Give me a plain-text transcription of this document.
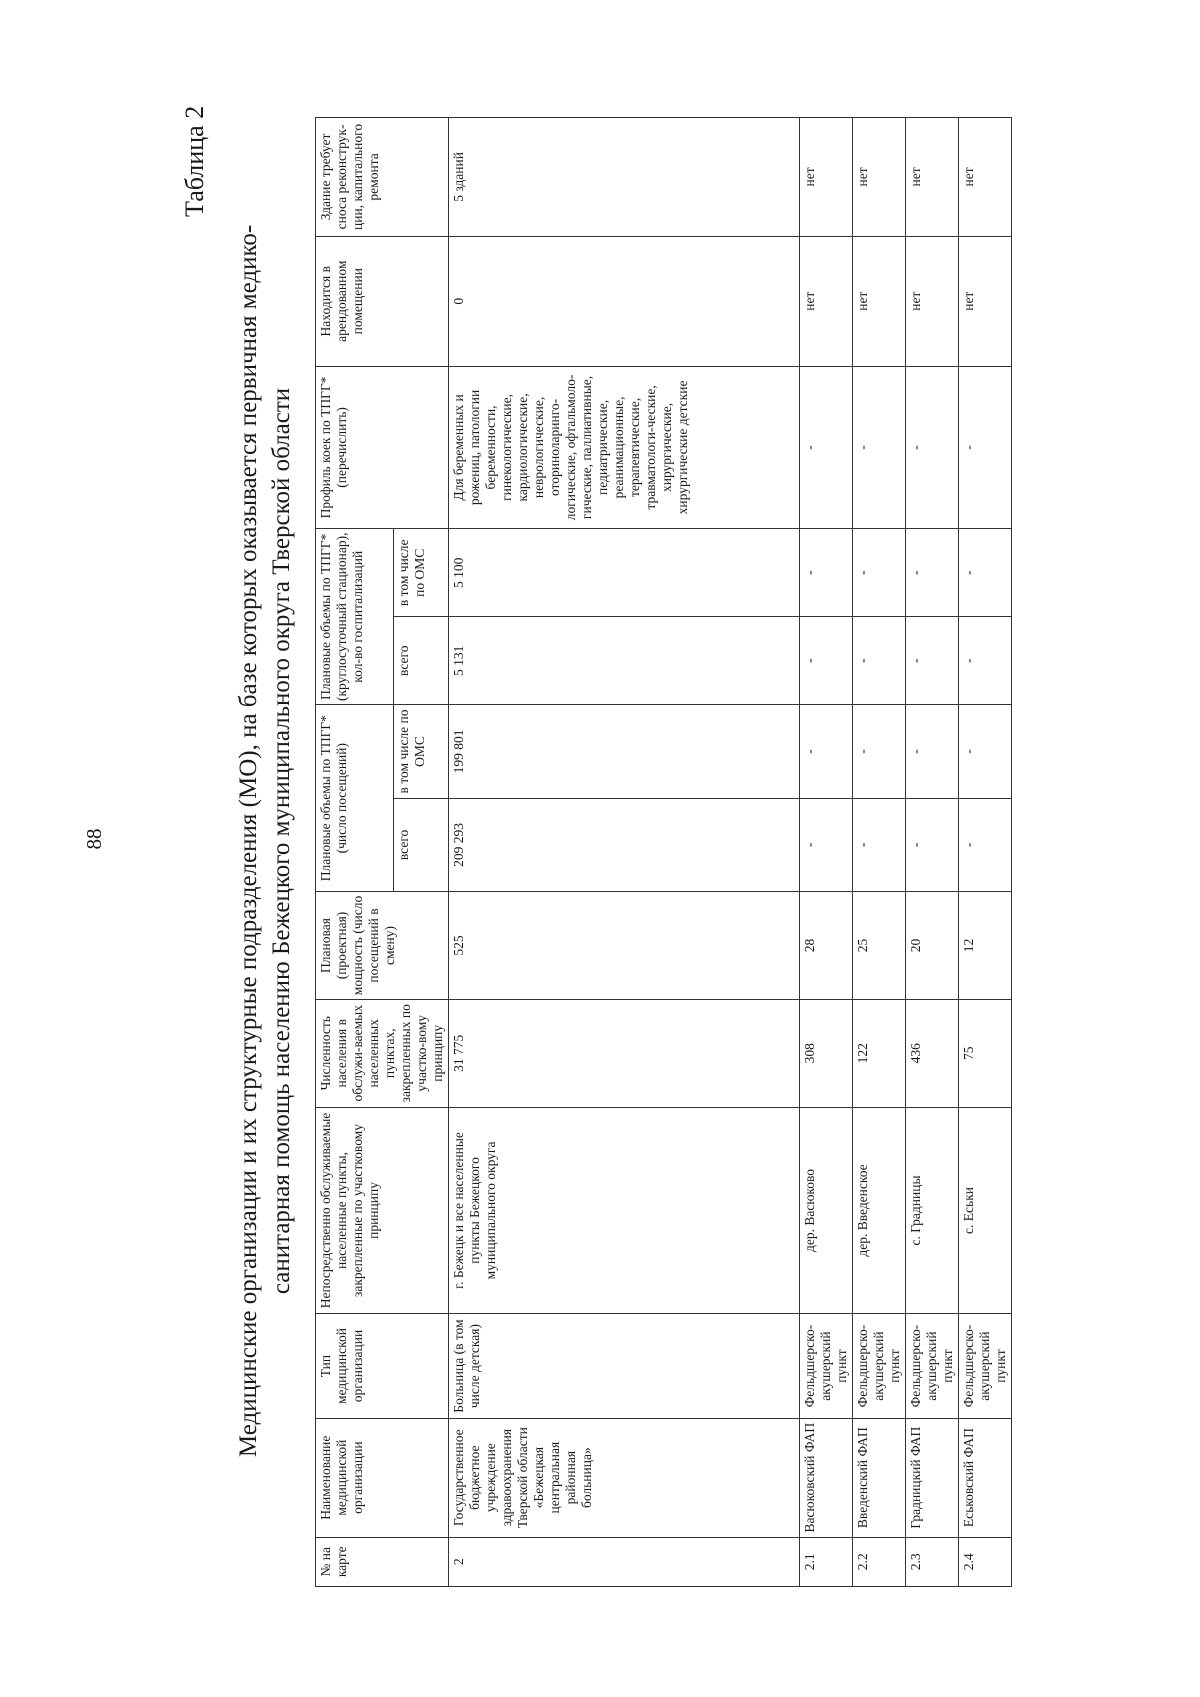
88
Таблица 2
Медицинские организации и их структурные подразделения (МО), на базе которых оказывается первичная медико- санитарная помощь населению Бежецкого муниципального округа Тверской области
№ на карте	Наименование медицинской организации	Тип медицинской организации	Непосредственно обслуживаемые населенные пункты, закрепленные по участковому принципу	Численность населения в обслужи-ваемых населенных пунктах, закрепленных по участко-вому принципу	Плановая (проектная) мощность (число посещений в смену)	Плановые объемы по ТПГГ* (число посещений)		Плановые объемы по ТПГГ* (круглосуточный стационар), кол-во госпитализаций		Профиль коек по ТПГГ* (перечислить)	Находится в арендованном помещении	Здание требует сноса реконструк-ции, капитального ремонта
						всего	в том числе по ОМС	всего	в том числе по ОМС			
2	Государственное бюджетное учреждение здравоохранения Тверской области «Бежецкая центральная районная больница»	Больница (в том числе детская)	г. Бежецк и все населенные пункты Бежецкого муниципального округа	31 775	525	209 293	199 801	5 131	5 100	Для беременных и рожениц, патологии беременности, гинекологические, кардиологические, неврологические, оториноларинго-логические, офтальмоло-гические, паллиативные, педиатрические, реанимационные, терапевтические, травматологи-ческие, хирургические, хирургические детские	0	5 зданий
2.1	Васюковский ФАП	Фельдшерско-акушерский пункт	дер. Васюково	308	28	-	-	-	-	-	нет	нет
2.2	Введенский ФАП	Фельдшерско-акушерский пункт	дер. Введенское	122	25	-	-	-	-	-	нет	нет
2.3	Градницкий ФАП	Фельдшерско-акушерский пункт	с. Градницы	436	20	-	-	-	-	-	нет	нет
2.4	Еськовский ФАП	Фельдшерско-акушерский пункт	с. Еськи	75	12	-	-	-	-	-	нет	нет
